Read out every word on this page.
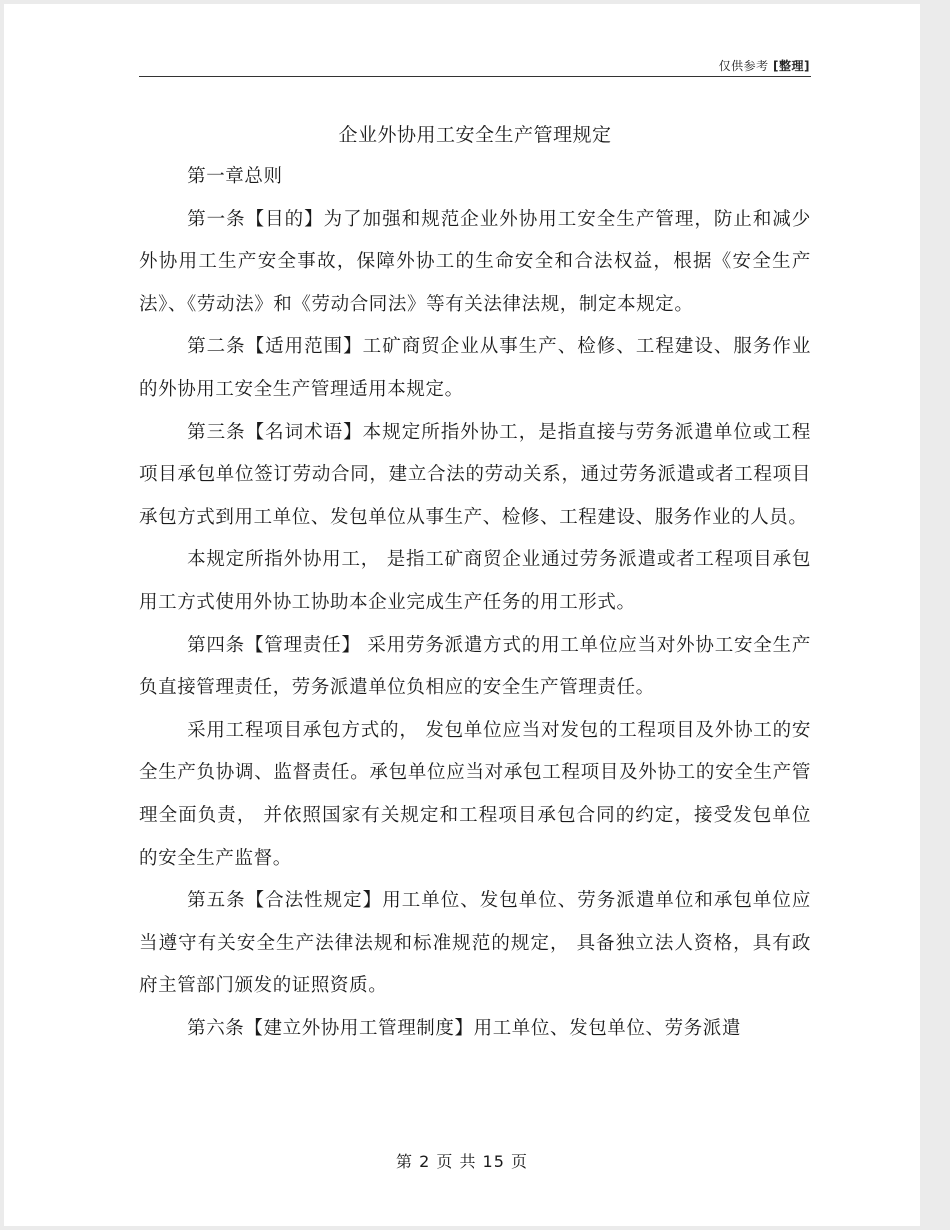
仅供参考 [整理]
企业外协用工安全生产管理规定

第一章总则

第一条【目的】为了加强和规范企业外协用工安全生产管理，防止和减少外协用工生产安全事故，保障外协工的生命安全和合法权益，根据《安全生产法》、《劳动法》和《劳动合同法》等有关法律法规，制定本规定。

第二条【适用范围】工矿商贸企业从事生产、检修、工程建设、服务作业的外协用工安全生产管理适用本规定。

第三条【名词术语】本规定所指外协工，是指直接与劳务派遣单位或工程项目承包单位签订劳动合同，建立合法的劳动关系，通过劳务派遣或者工程项目承包方式到用工单位、发包单位从事生产、检修、工程建设、服务作业的人员。

本规定所指外协用工， 是指工矿商贸企业通过劳务派遣或者工程项目承包用工方式使用外协工协助本企业完成生产任务的用工形式。

第四条【管理责任】 采用劳务派遣方式的用工单位应当对外协工安全生产负直接管理责任，劳务派遣单位负相应的安全生产管理责任。

采用工程项目承包方式的， 发包单位应当对发包的工程项目及外协工的安全生产负协调、监督责任。承包单位应当对承包工程项目及外协工的安全生产管理全面负责， 并依照国家有关规定和工程项目承包合同的约定，接受发包单位的安全生产监督。

第五条【合法性规定】用工单位、发包单位、劳务派遣单位和承包单位应当遵守有关安全生产法律法规和标准规范的规定， 具备独立法人资格，具有政府主管部门颁发的证照资质。

第六条【建立外协用工管理制度】用工单位、发包单位、劳务派遣

第 2 页 共 15 页
